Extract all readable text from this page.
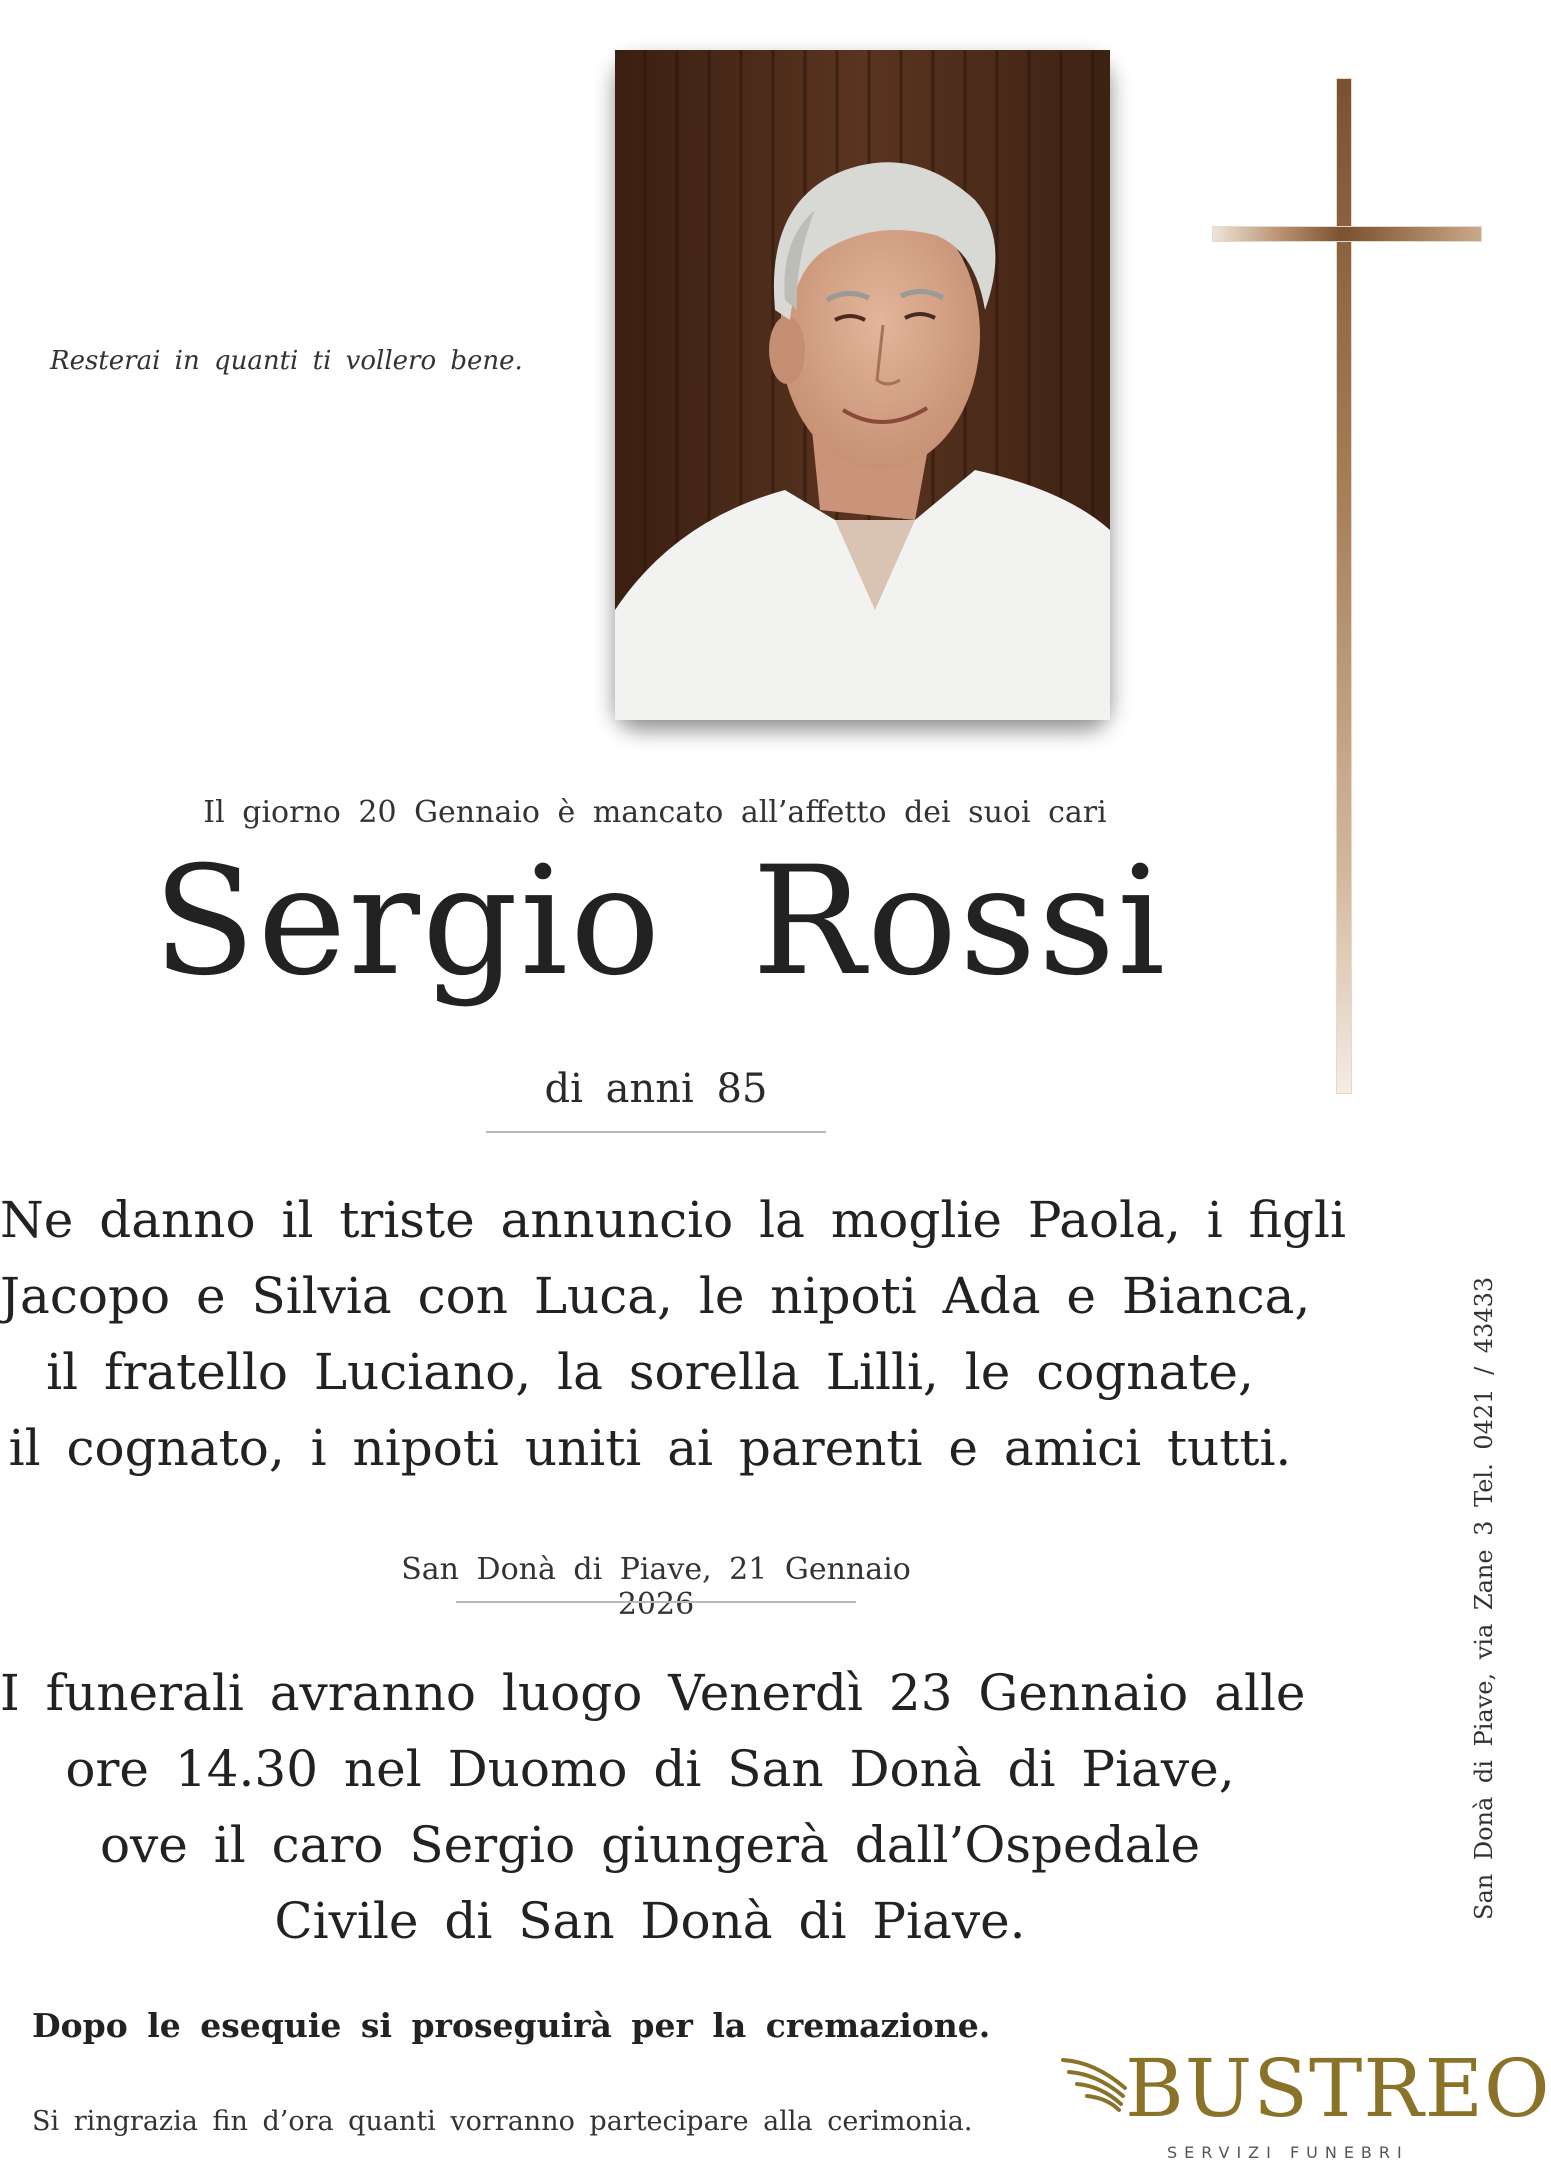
Resterai in quanti ti vollero bene.
Il giorno 20 Gennaio è mancato all’affetto dei suoi cari
Sergio Rossi
di anni 85
Ne danno il triste annuncio la moglie Paola, i figli
Jacopo e Silvia con Luca, le nipoti Ada e Bianca,
il fratello Luciano, la sorella Lilli, le cognate,
il cognato, i nipoti uniti ai parenti e amici tutti.
San Donà di Piave, 21 Gennaio 2026
I funerali avranno luogo Venerdì 23 Gennaio alle
ore 14.30 nel Duomo di San Donà di Piave,
ove il caro Sergio giungerà dall’Ospedale
Civile di San Donà di Piave.
Dopo le esequie si proseguirà per la cremazione.
Si ringrazia fin d’ora quanti vorranno partecipare alla cerimonia.
San Donà di Piave, via Zane 3 Tel. 0421 / 43433
BUSTREO
SERVIZI FUNEBRI
